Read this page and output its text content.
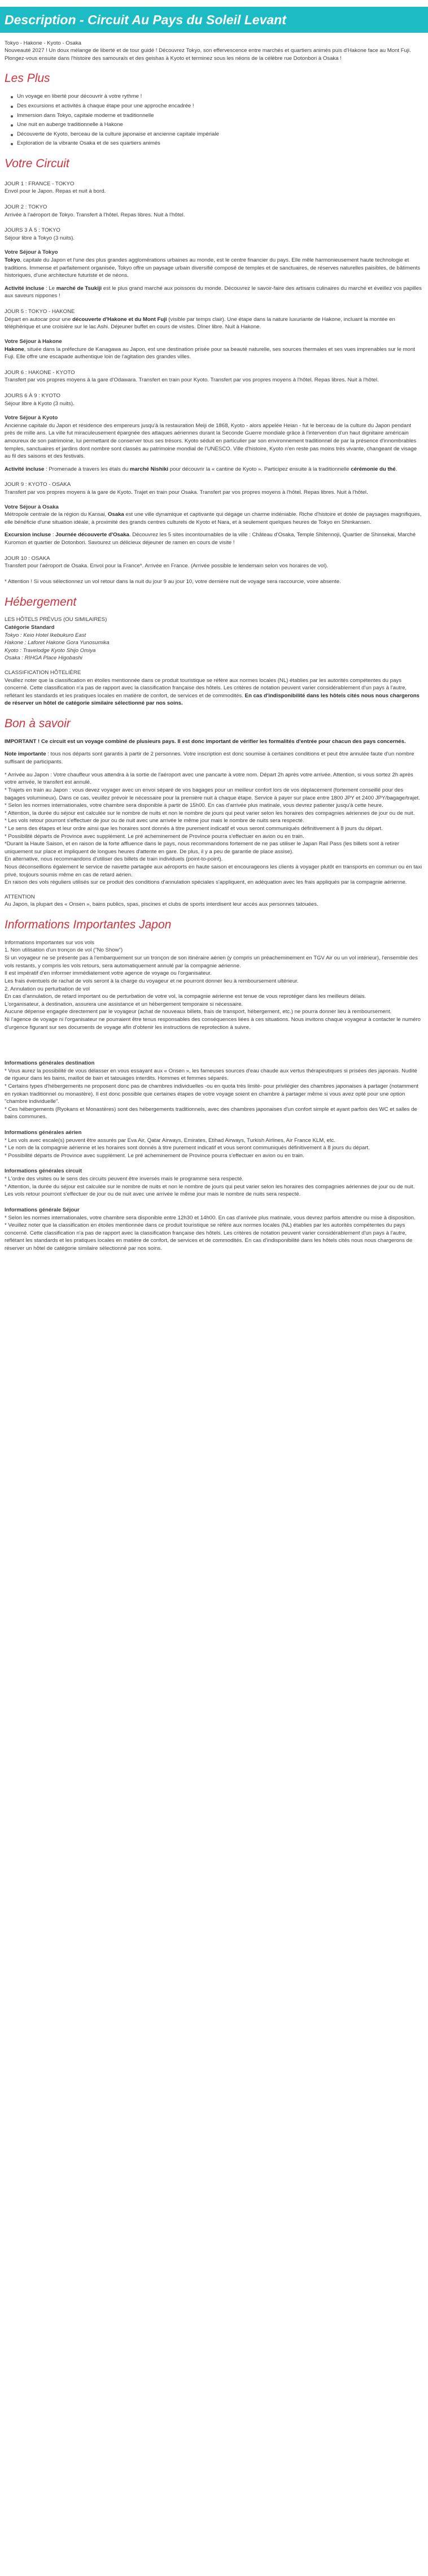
Description - Circuit Au Pays du Soleil Levant

Tokyo - Hakone - Kyoto - Osaka
Nouveauté 2027 ! Un doux mélange de liberté et de tour guidé ! Découvrez Tokyo, son effervescence entre marchés et quartiers animés puis d'Hakone face au Mont Fuji. Plongez-vous ensuite dans l'histoire des samouraïs et des geishas à Kyoto et terminez sous les néons de la célèbre rue Dotonbori à Osaka !

Les Plus
Un voyage en liberté pour découvrir à votre rythme !
Des excursions et activités à chaque étape pour une approche encadrée !
Immersion dans Tokyo, capitale moderne et traditionnelle
Une nuit en auberge traditionnelle à Hakone
Découverte de Kyoto, berceau de la culture japonaise et ancienne capitale impériale
Exploration de la vibrante Osaka et de ses quartiers animés
Votre Circuit
JOUR 1 : FRANCE - TOKYO

Envol pour le Japon. Repas et nuit à bord.

JOUR 2 : TOKYO

Arrivée à l'aéroport de Tokyo. Transfert à l'hôtel. Repas libres. Nuit à l'hôtel.

JOURS 3 À 5 : TOKYO

Séjour libre à Tokyo (3 nuits).

Votre Séjour à Tokyo

Tokyo, capitale du Japon et l'une des plus grandes agglomérations urbaines au monde, est le centre financier du pays. Elle mêle harmonieusement haute technologie et traditions. Immense et parfaitement organisée, Tokyo offre un paysage urbain diversifié composé de temples et de sanctuaires, de réserves naturelles paisibles, de bâtiments historiques, d'une architecture futuriste et de néons.

Activité incluse : Le marché de Tsukiji est le plus grand marché aux poissons du monde. Découvrez le savoir-faire des artisans culinaires du marché et éveillez vos papilles aux saveurs nippones !

JOUR 5 : TOKYO - HAKONE

Départ en autocar pour une découverte d'Hakone et du Mont Fuji (visible par temps clair). Une étape dans la nature luxuriante de Hakone, incluant la montée en téléphérique et une croisière sur le lac Ashi. Déjeuner buffet en cours de visites. Dîner libre. Nuit à Hakone.

Votre Séjour à Hakone

Hakone, située dans la préfecture de Kanagawa au Japon, est une destination prisée pour sa beauté naturelle, ses sources thermales et ses vues imprenables sur le mont Fuji. Elle offre une escapade authentique loin de l'agitation des grandes villes.

JOUR 6 : HAKONE - KYOTO

Transfert par vos propres moyens à la gare d'Odawara. Transfert en train pour Kyoto. Transfert par vos propres moyens à l'hôtel. Repas libres. Nuit à l'hôtel.

JOURS 6 À 9 : KYOTO

Séjour libre à Kyoto (3 nuits).

Votre Séjour à Kyoto

Ancienne capitale du Japon et résidence des empereurs jusqu'à la restauration Meiji de 1868, Kyoto - alors appelée Heian - fut le berceau de la culture du Japon pendant près de mille ans. La ville fut miraculeusement épargnée des attaques aériennes durant la Seconde Guerre mondiale grâce à l'intervention d'un haut dignitaire américain amoureux de son patrimoine, lui permettant de conserver tous ses trésors. Kyoto séduit en particulier par son environnement traditionnel de par la présence d'innombrables temples, sanctuaires et jardins dont nombre sont classés au patrimoine mondial de l'UNESCO. Ville d'histoire, Kyoto n'en reste pas moins très vivante, changeant de visage au fil des saisons et des festivals.

Activité incluse : Promenade à travers les étals du marché Nishiki pour découvrir la « cantine de Kyoto ». Participez ensuite à la traditionnelle cérémonie du thé.

JOUR 9 : KYOTO - OSAKA

Transfert par vos propres moyens à la gare de Kyoto. Trajet en train pour Osaka. Transfert par vos propres moyens à l'hôtel. Repas libres. Nuit à l'hôtel.

Votre Séjour à Osaka

Métropole centrale de la région du Kansai, Osaka est une ville dynamique et captivante qui dégage un charme indéniable. Riche d'histoire et dotée de paysages magnifiques, elle bénéficie d'une situation idéale, à proximité des grands centres culturels de Kyoto et Nara, et à seulement quelques heures de Tokyo en Shinkansen.

Excursion incluse : Journée découverte d'Osaka. Découvrez les 5 sites incontournables de la ville : Château d'Osaka, Temple Shitennoji, Quartier de Shinsekai, Marché Kuromon et quartier de Dotonbori. Savourez un délicieux déjeuner de ramen en cours de visite !

JOUR 10 : OSAKA

Transfert pour l'aéroport de Osaka. Envol pour la France*. Arrivée en France. (Arrivée possible le lendemain selon vos horaires de vol).

* Attention ! Si vous sélectionnez un vol retour dans la nuit du jour 9 au jour 10, votre dernière nuit de voyage sera raccourcie, voire absente.

Hébergement
LES HÔTELS PRÉVUS (OU SIMILAIRES)
Catégorie Standard
Tokyo : Keio Hotel Ikebukuro East
Hakone : Laforet Hakone Gora Yunosumika
Kyoto : Travelodge Kyoto Shijo Omiya
Osaka : RIHGA Place Higobashi
CLASSIFICATION HÔTELIÈRE

Veuillez noter que la classification en étoiles mentionnée dans ce produit touristique se réfère aux normes locales (NL) établies par les autorités compétentes du pays concerné. Cette classification n'a pas de rapport avec la classification française des hôtels. Les critères de notation peuvent varier considérablement d'un pays à l'autre, reflétant les standards et les pratiques locales en matière de confort, de services et de commodités. En cas d'indisponibilité dans les hôtels cités nous nous chargerons de réserver un hôtel de catégorie similaire sélectionné par nos soins.

Bon à savoir

IMPORTANT ! Ce circuit est un voyage combiné de plusieurs pays. Il est donc important de vérifier les formalités d'entrée pour chacun des pays concernés.

Note importante : tous nos départs sont garantis à partir de 2 personnes. Votre inscription est donc soumise à certaines conditions et peut être annulée faute d'un nombre suffisant de participants.

* Arrivée au Japon : Votre chauffeur vous attendra à la sortie de l'aéroport avec une pancarte à votre nom. Départ 2h après votre arrivée. Attention, si vous sortez 2h après votre arrivée, le transfert est annulé.
* Trajets en train au Japon : vous devez voyager avec un envoi séparé de vos bagages pour un meilleur confort lors de vos déplacement (fortement conseillé pour des bagages volumineux). Dans ce cas, veuillez prévoir le nécessaire pour la première nuit à chaque étape. Service à payer sur place entre 1800 JPY et 2400 JPY/bagage/trajet.
* Selon les normes internationales, votre chambre sera disponible à partir de 15h00. En cas d'arrivée plus matinale, vous devrez patienter jusqu'à cette heure.
* Attention, la durée du séjour est calculée sur le nombre de nuits et non le nombre de jours qui peut varier selon les horaires des compagnies aériennes de jour ou de nuit.
* Les vols retour pourront s'effectuer de jour ou de nuit avec une arrivée le même jour mais le nombre de nuits sera respecté.
* Le sens des étapes et leur ordre ainsi que les horaires sont donnés à titre purement indicatif et vous seront communiqués définitivement à 8 jours du départ.
* Possibilité départs de Province avec supplément. Le pré acheminement de Province pourra s'effectuer en avion ou en train.
*Durant la Haute Saison, et en raison de la forte affluence dans le pays, nous recommandons fortement de ne pas utiliser le Japan Rail Pass (les billets sont à retirer uniquement sur place et impliquent de longues heures d'attente en gare. De plus, il y a peu de garantie de place assise).
En alternative, nous recommandons d'utiliser des billets de train individuels (point-to-point).
Nous déconseillons également le service de navette partagée aux aéroports en haute saison et encourageons les clients à voyager plutôt en transports en commun ou en taxi privé, toujours soumis même en cas de retard aérien.
En raison des vols réguliers utilisés sur ce produit des conditions d'annulation spéciales s'appliquent, en adéquation avec les frais appliqués par la compagnie aérienne.
ATTENTION

Au Japon, la plupart des « Onsen », bains publics, spas, piscines et clubs de sports interdisent leur accès aux personnes tatouées.

Informations Importantes Japon
Informations importantes sur vos vols
1. Non utilisation d'un tronçon de vol ("No Show")
Si un voyageur ne se présente pas à l'embarquement sur un tronçon de son itinéraire aérien (y compris un préacheminement en TGV Air ou un vol intérieur), l'ensemble des vols restants, y compris les vols retours, sera automatiquement annulé par la compagnie aérienne.
Il est impératif d'en informer immédiatement votre agence de voyage ou l'organisateur.
Les frais éventuels de rachat de vols seront à la charge du voyageur et ne pourront donner lieu à remboursement ultérieur.
2. Annulation ou perturbation de vol
En cas d'annulation, de retard important ou de perturbation de votre vol, la compagnie aérienne est tenue de vous reprotéger dans les meilleurs délais.
L'organisateur, à destination, assurera une assistance et un hébergement temporaire si nécessaire.
Aucune dépense engagée directement par le voyageur (achat de nouveaux billets, frais de transport, hébergement, etc.) ne pourra donner lieu à remboursement.
Ni l'agence de voyage ni l'organisateur ne pourraient être tenus responsables des conséquences liées à ces situations. Nous invitons chaque voyageur à contacter le numéro d'urgence figurant sur ses documents de voyage afin d'obtenir les instructions de reprotection à suivre.
Informations générales destination
* Vous aurez la possibilité de vous délasser en vous essayant aux « Onsen », les fameuses sources d'eau chaude aux vertus thérapeutiques si prisées des japonais. Nudité de rigueur dans les bains, maillot de bain et tatouages interdits. Hommes et femmes séparés.
* Certains types d'hébergements ne proposent donc pas de chambres individuelles -ou en quota très limité- pour privilégier des chambres japonaises à partager (notamment en ryokan traditionnel ou monastère). Il est donc possible que certaines étapes de votre voyage soient en chambre à partager même si vous avez opté pour une option "chambre individuelle".
* Ces hébergements (Ryokans et Monastères) sont des hébergements traditionnels, avec des chambres japonaises d'un confort simple et ayant parfois des WC et salles de bains communes.
Informations générales aérien
* Les vols avec escale(s) peuvent être assurés par Eva Air, Qatar Airways, Emirates, Etihad Airways, Turkish Airlines, Air France KLM, etc.
* Le nom de la compagnie aérienne et les horaires sont donnés à titre purement indicatif et vous seront communiqués définitivement à 8 jours du départ.
* Possibilité départs de Province avec supplément. Le pré acheminement de Province pourra s'effectuer en avion ou en train.
Informations générales circuit
* L'ordre des visites ou le sens des circuits peuvent être inversés mais le programme sera respecté.
* Attention, la durée du séjour est calculée sur le nombre de nuits et non le nombre de jours qui peut varier selon les horaires des compagnies aériennes de jour ou de nuit. Les vols retour pourront s'effectuer de jour ou de nuit avec une arrivée le même jour mais le nombre de nuits sera respecté.
Informations générale Séjour
* Selon les normes internationales, votre chambre sera disponible entre 12h30 et 14h00. En cas d'arrivée plus matinale, vous devrez parfois attendre ou mise à disposition.
* Veuillez noter que la classification en étoiles mentionnée dans ce produit touristique se réfère aux normes locales (NL) établies par les autorités compétentes du pays concerné. Cette classification n'a pas de rapport avec la classification française des hôtels. Les critères de notation peuvent varier considérablement d'un pays à l'autre, reflétant les standards et les pratiques locales en matière de confort, de services et de commodités. En cas d'indisponibilité dans les hôtels cités nous nous chargerons de réserver un hôtel de catégorie similaire sélectionné par nos soins.
